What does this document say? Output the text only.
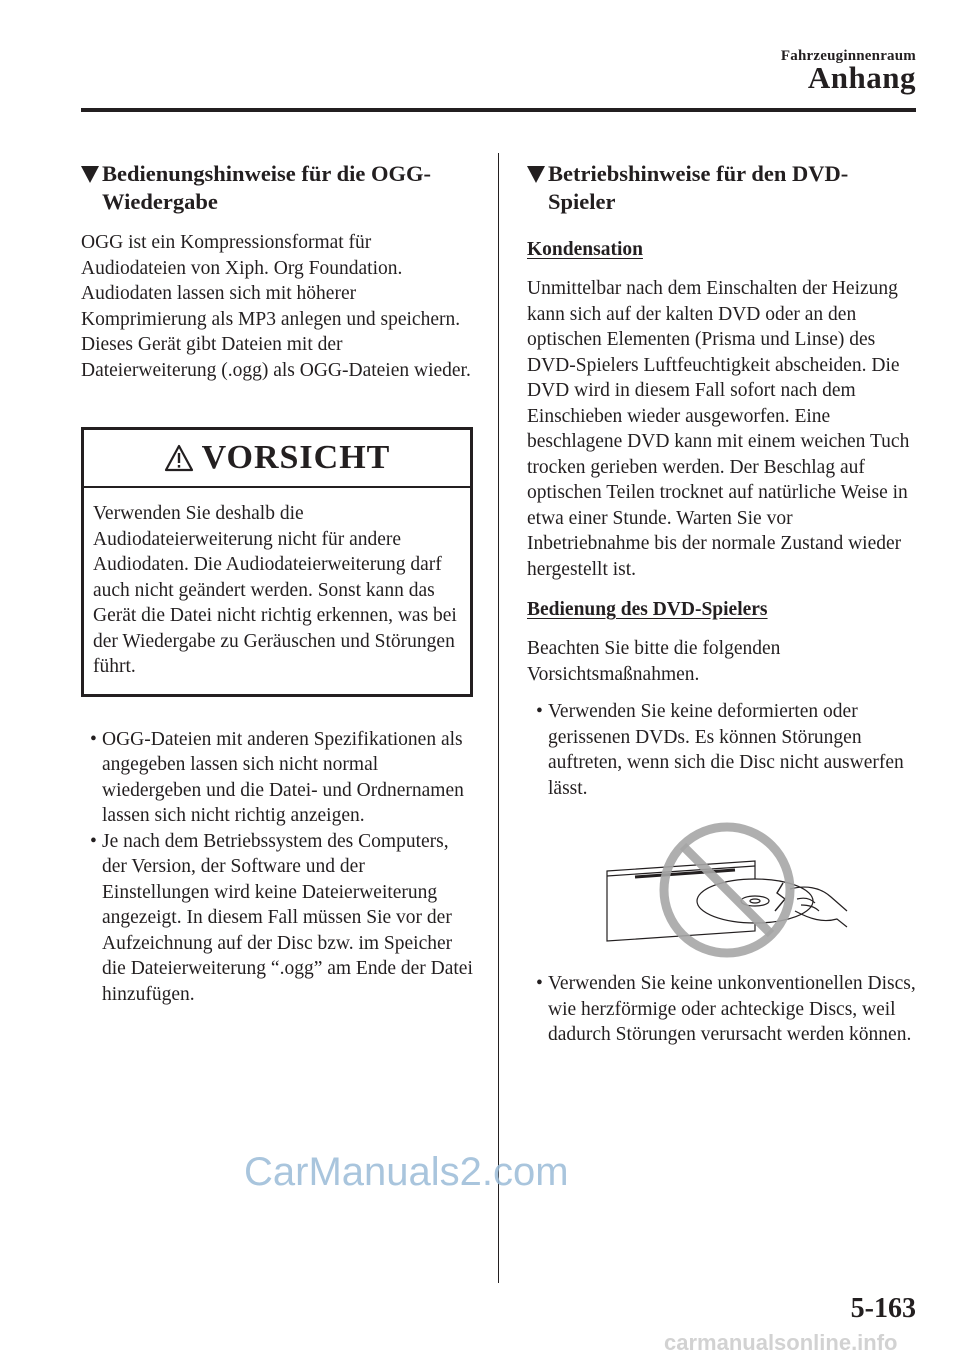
Fahrzeuginnenraum
Anhang
Bedienungshinweise für die OGG-
Wiedergabe

OGG ist ein Kompressionsformat für Audiodateien von Xiph. Org Foundation. Audiodaten lassen sich mit höherer Komprimierung als MP3 anlegen und speichern.

Dieses Gerät gibt Dateien mit der Dateierweiterung (.ogg) als OGG-Dateien wieder.

VORSICHT
Verwenden Sie deshalb die Audiodateierweiterung nicht für andere Audiodaten. Die Audiodateierweiterung darf auch nicht geändert werden. Sonst kann das Gerät die Datei nicht richtig erkennen, was bei der Wiedergabe zu Geräuschen und Störungen führt.
• OGG-Dateien mit anderen Spezifikationen als angegeben lassen sich nicht normal wiedergeben und die Datei- und Ordnernamen lassen sich nicht richtig anzeigen.
• Je nach dem Betriebssystem des Computers, der Version, der Software und der Einstellungen wird keine Dateierweiterung angezeigt. In diesem Fall müssen Sie vor der Aufzeichnung auf der Disc bzw. im Speicher die Dateierweiterung “.ogg” am Ende der Datei hinzufügen.
Betriebshinweise für den DVD-
Spieler
Kondensation

Unmittelbar nach dem Einschalten der Heizung kann sich auf der kalten DVD oder an den optischen Elementen (Prisma und Linse) des DVD-Spielers Luftfeuchtigkeit abscheiden. Die DVD wird in diesem Fall sofort nach dem Einschieben wieder ausgeworfen. Eine beschlagene DVD kann mit einem weichen Tuch trocken gerieben werden. Der Beschlag auf optischen Teilen trocknet auf natürliche Weise in etwa einer Stunde. Warten Sie vor Inbetriebnahme bis der normale Zustand wieder hergestellt ist.

Bedienung des DVD-Spielers

Beachten Sie bitte die folgenden Vorsichtsmaßnahmen.

• Verwenden Sie keine deformierten oder gerissenen DVDs. Es können Störungen auftreten, wenn sich die Disc nicht auswerfen lässt.
• Verwenden Sie keine unkonventionellen Discs, wie herzförmige oder achteckige Discs, weil dadurch Störungen verursacht werden können.
CarManuals2.com
5-163
carmanualsonline.info
